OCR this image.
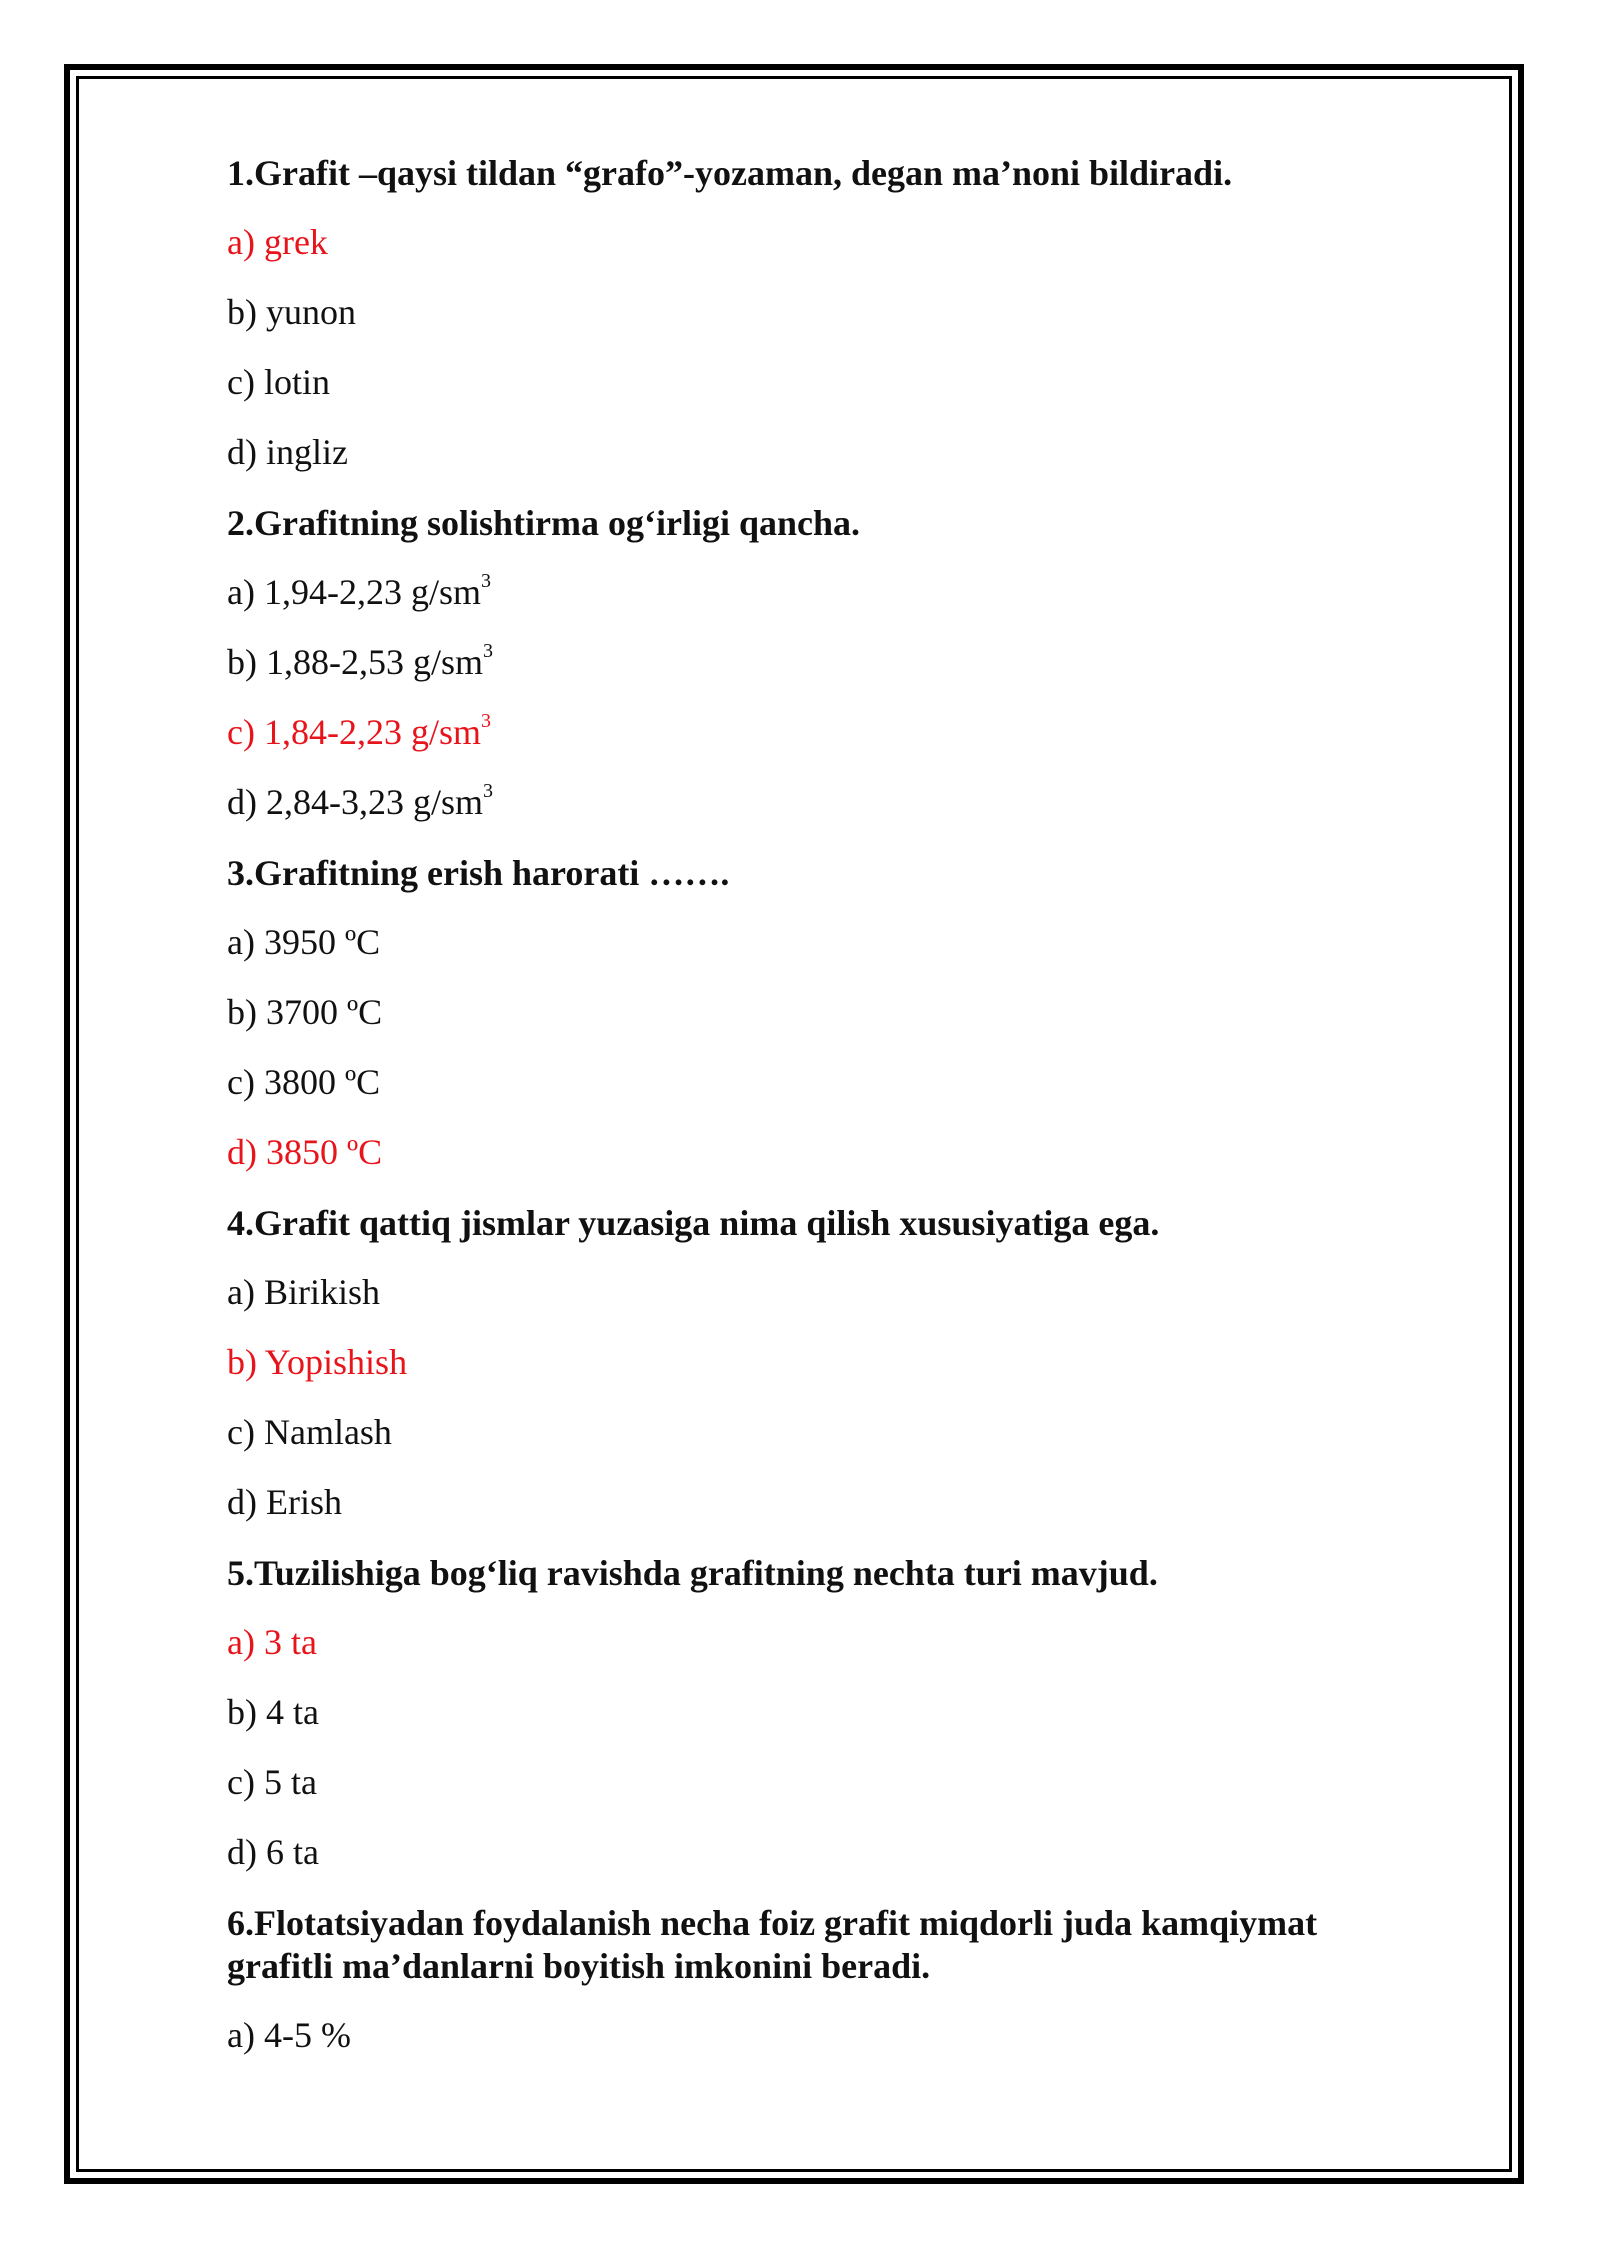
1.Grafit –qaysi tildan “grafo”-yozaman, degan ma’noni bildiradi.

a) grek

b) yunon

c) lotin

d) ingliz

2.Grafitning solishtirma og‘irligi qancha.

a) 1,94-2,23 $g/sm^3$

b) 1,88-2,53 $g/sm^3$

c) 1,84-2,23 $g/sm^3$

d) 2,84-3,23 $g/sm^3$

3.Grafitning erish harorati …….

a) 3950 ºC

b) 3700 ºC

c) 3800 ºC

d) 3850 ºC

4.Grafit qattiq jismlar yuzasiga nima qilish xususiyatiga ega.

a) Birikish

b) Yopishish

c) Namlash

d) Erish

5.Tuzilishiga bog‘liq ravishda grafitning nechta turi mavjud.

a) 3 ta

b) 4 ta

c) 5 ta

d) 6 ta

6.Flotatsiyadan foydalanish necha foiz grafit miqdorli juda kamqiymat grafitli ma’danlarni boyitish imkonini beradi.

a) 4-5 %
